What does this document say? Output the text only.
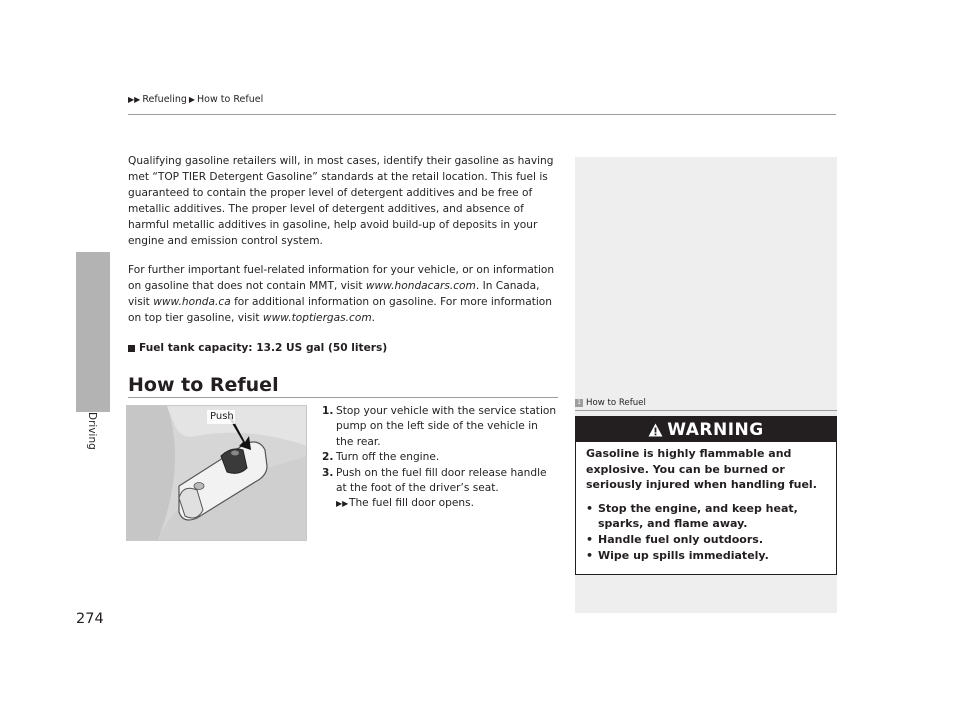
Driving
▶▶ Refueling ▶ How to Refuel
274

Qualifying gasoline retailers will, in most cases, identify their gasoline as having met “TOP TIER Detergent Gasoline” standards at the retail location. This fuel is guaranteed to contain the proper level of detergent additives and be free of metallic additives. The proper level of detergent additives, and absence of harmful metallic additives in gasoline, help avoid build-up of deposits in your engine and emission control system.

For further important fuel-related information for your vehicle, or on information on gasoline that does not contain MMT, visit www.hondacars.com. In Canada, visit www.honda.ca for additional information on gasoline. For more information on top tier gasoline, visit www.toptiergas.com.

Fuel tank capacity: 13.2 US gal (50 liters)
How to Refuel
Push	1. Stop your vehicle with the service station pump on the left side of the vehicle in the rear.
2. Turn off the engine.
3. Push on the fuel fill door release handle at the foot of the driver’s seat.
▶▶ The fuel fill door opens.
1 How to Refuel
WARNING

Gasoline is highly flammable and explosive. You can be burned or seriously injured when handling fuel.

• Stop the engine, and keep heat, sparks, and flame away.
• Handle fuel only outdoors.
• Wipe up spills immediately.
